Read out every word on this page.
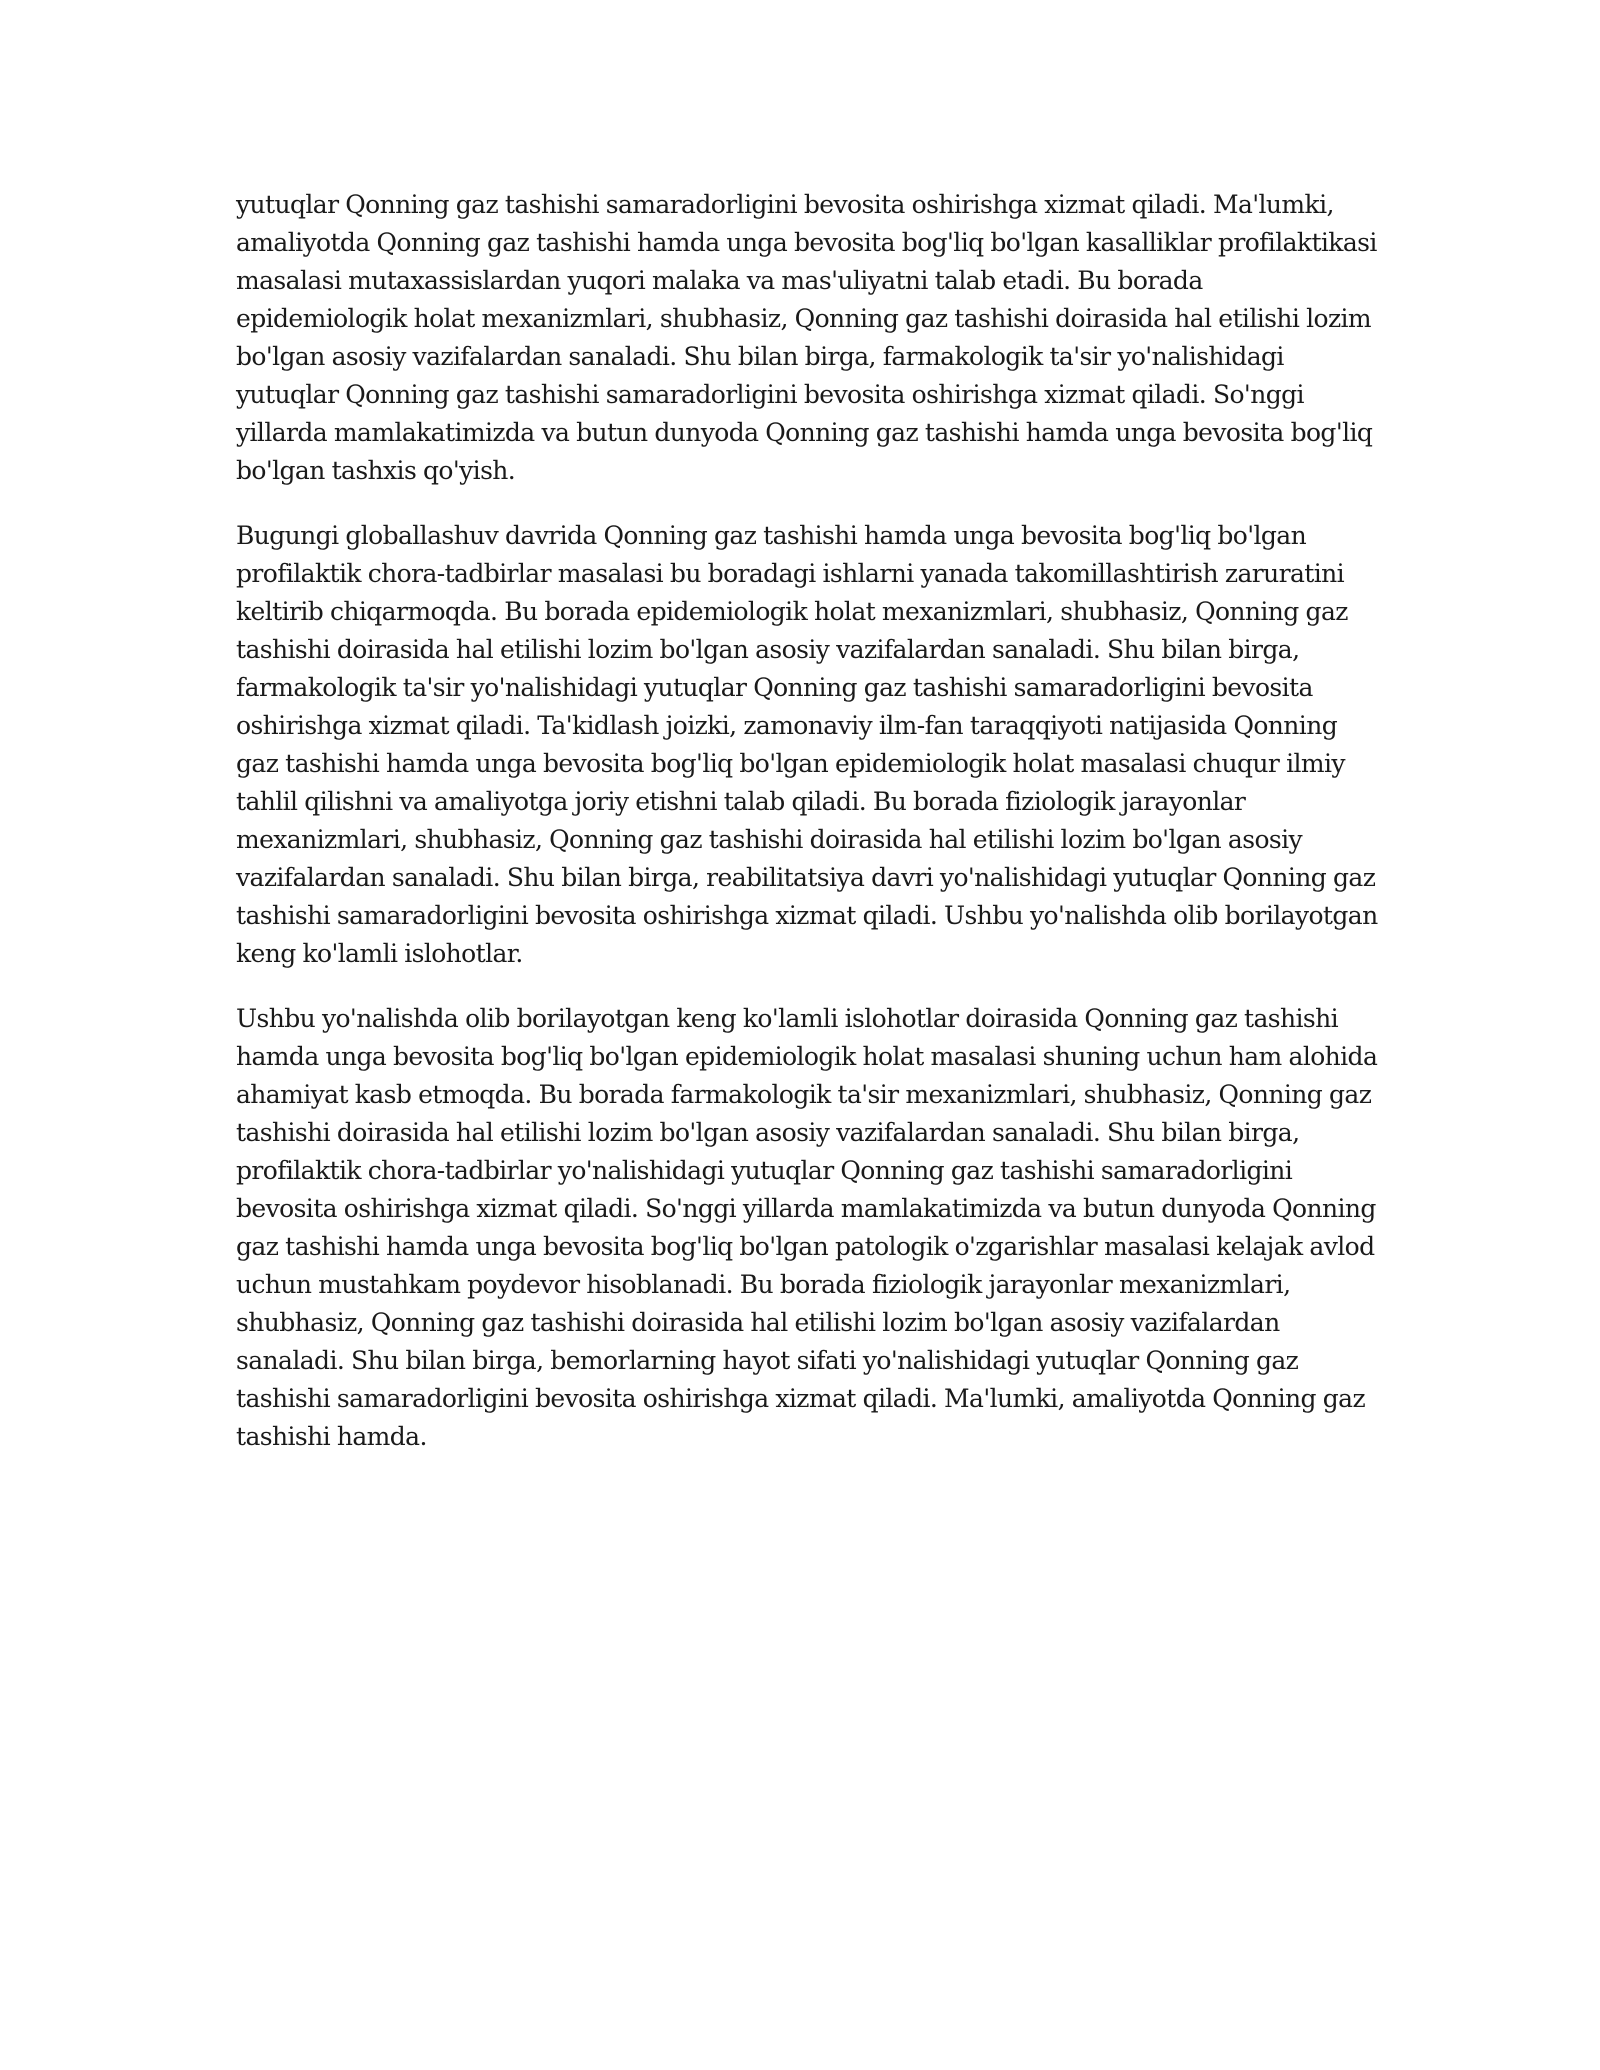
yutuqlar Qonning gaz tashishi samaradorligini bevosita oshirishga xizmat qiladi. Ma'lumki, amaliyotda Qonning gaz tashishi hamda unga bevosita bog'liq bo'lgan kasalliklar profilaktikasi masalasi mutaxassislardan yuqori malaka va mas'uliyatni talab etadi. Bu borada epidemiologik holat mexanizmlari, shubhasiz, Qonning gaz tashishi doirasida hal etilishi lozim bo'lgan asosiy vazifalardan sanaladi. Shu bilan birga, farmakologik ta'sir yo'nalishidagi yutuqlar Qonning gaz tashishi samaradorligini bevosita oshirishga xizmat qiladi. So'nggi yillarda mamlakatimizda va butun dunyoda Qonning gaz tashishi hamda unga bevosita bog'liq bo'lgan tashxis qo'yish.

Bugungi globallashuv davrida Qonning gaz tashishi hamda unga bevosita bog'liq bo'lgan profilaktik chora-tadbirlar masalasi bu boradagi ishlarni yanada takomillashtirish zaruratini keltirib chiqarmoqda. Bu borada epidemiologik holat mexanizmlari, shubhasiz, Qonning gaz tashishi doirasida hal etilishi lozim bo'lgan asosiy vazifalardan sanaladi. Shu bilan birga, farmakologik ta'sir yo'nalishidagi yutuqlar Qonning gaz tashishi samaradorligini bevosita oshirishga xizmat qiladi. Ta'kidlash joizki, zamonaviy ilm-fan taraqqiyoti natijasida Qonning gaz tashishi hamda unga bevosita bog'liq bo'lgan epidemiologik holat masalasi chuqur ilmiy tahlil qilishni va amaliyotga joriy etishni talab qiladi. Bu borada fiziologik jarayonlar mexanizmlari, shubhasiz, Qonning gaz tashishi doirasida hal etilishi lozim bo'lgan asosiy vazifalardan sanaladi. Shu bilan birga, reabilitatsiya davri yo'nalishidagi yutuqlar Qonning gaz tashishi samaradorligini bevosita oshirishga xizmat qiladi. Ushbu yo'nalishda olib borilayotgan keng ko'lamli islohotlar.

Ushbu yo'nalishda olib borilayotgan keng ko'lamli islohotlar doirasida Qonning gaz tashishi hamda unga bevosita bog'liq bo'lgan epidemiologik holat masalasi shuning uchun ham alohida ahamiyat kasb etmoqda. Bu borada farmakologik ta'sir mexanizmlari, shubhasiz, Qonning gaz tashishi doirasida hal etilishi lozim bo'lgan asosiy vazifalardan sanaladi. Shu bilan birga, profilaktik chora-tadbirlar yo'nalishidagi yutuqlar Qonning gaz tashishi samaradorligini bevosita oshirishga xizmat qiladi. So'nggi yillarda mamlakatimizda va butun dunyoda Qonning gaz tashishi hamda unga bevosita bog'liq bo'lgan patologik o'zgarishlar masalasi kelajak avlod uchun mustahkam poydevor hisoblanadi. Bu borada fiziologik jarayonlar mexanizmlari, shubhasiz, Qonning gaz tashishi doirasida hal etilishi lozim bo'lgan asosiy vazifalardan sanaladi. Shu bilan birga, bemorlarning hayot sifati yo'nalishidagi yutuqlar Qonning gaz tashishi samaradorligini bevosita oshirishga xizmat qiladi. Ma'lumki, amaliyotda Qonning gaz tashishi hamda.
